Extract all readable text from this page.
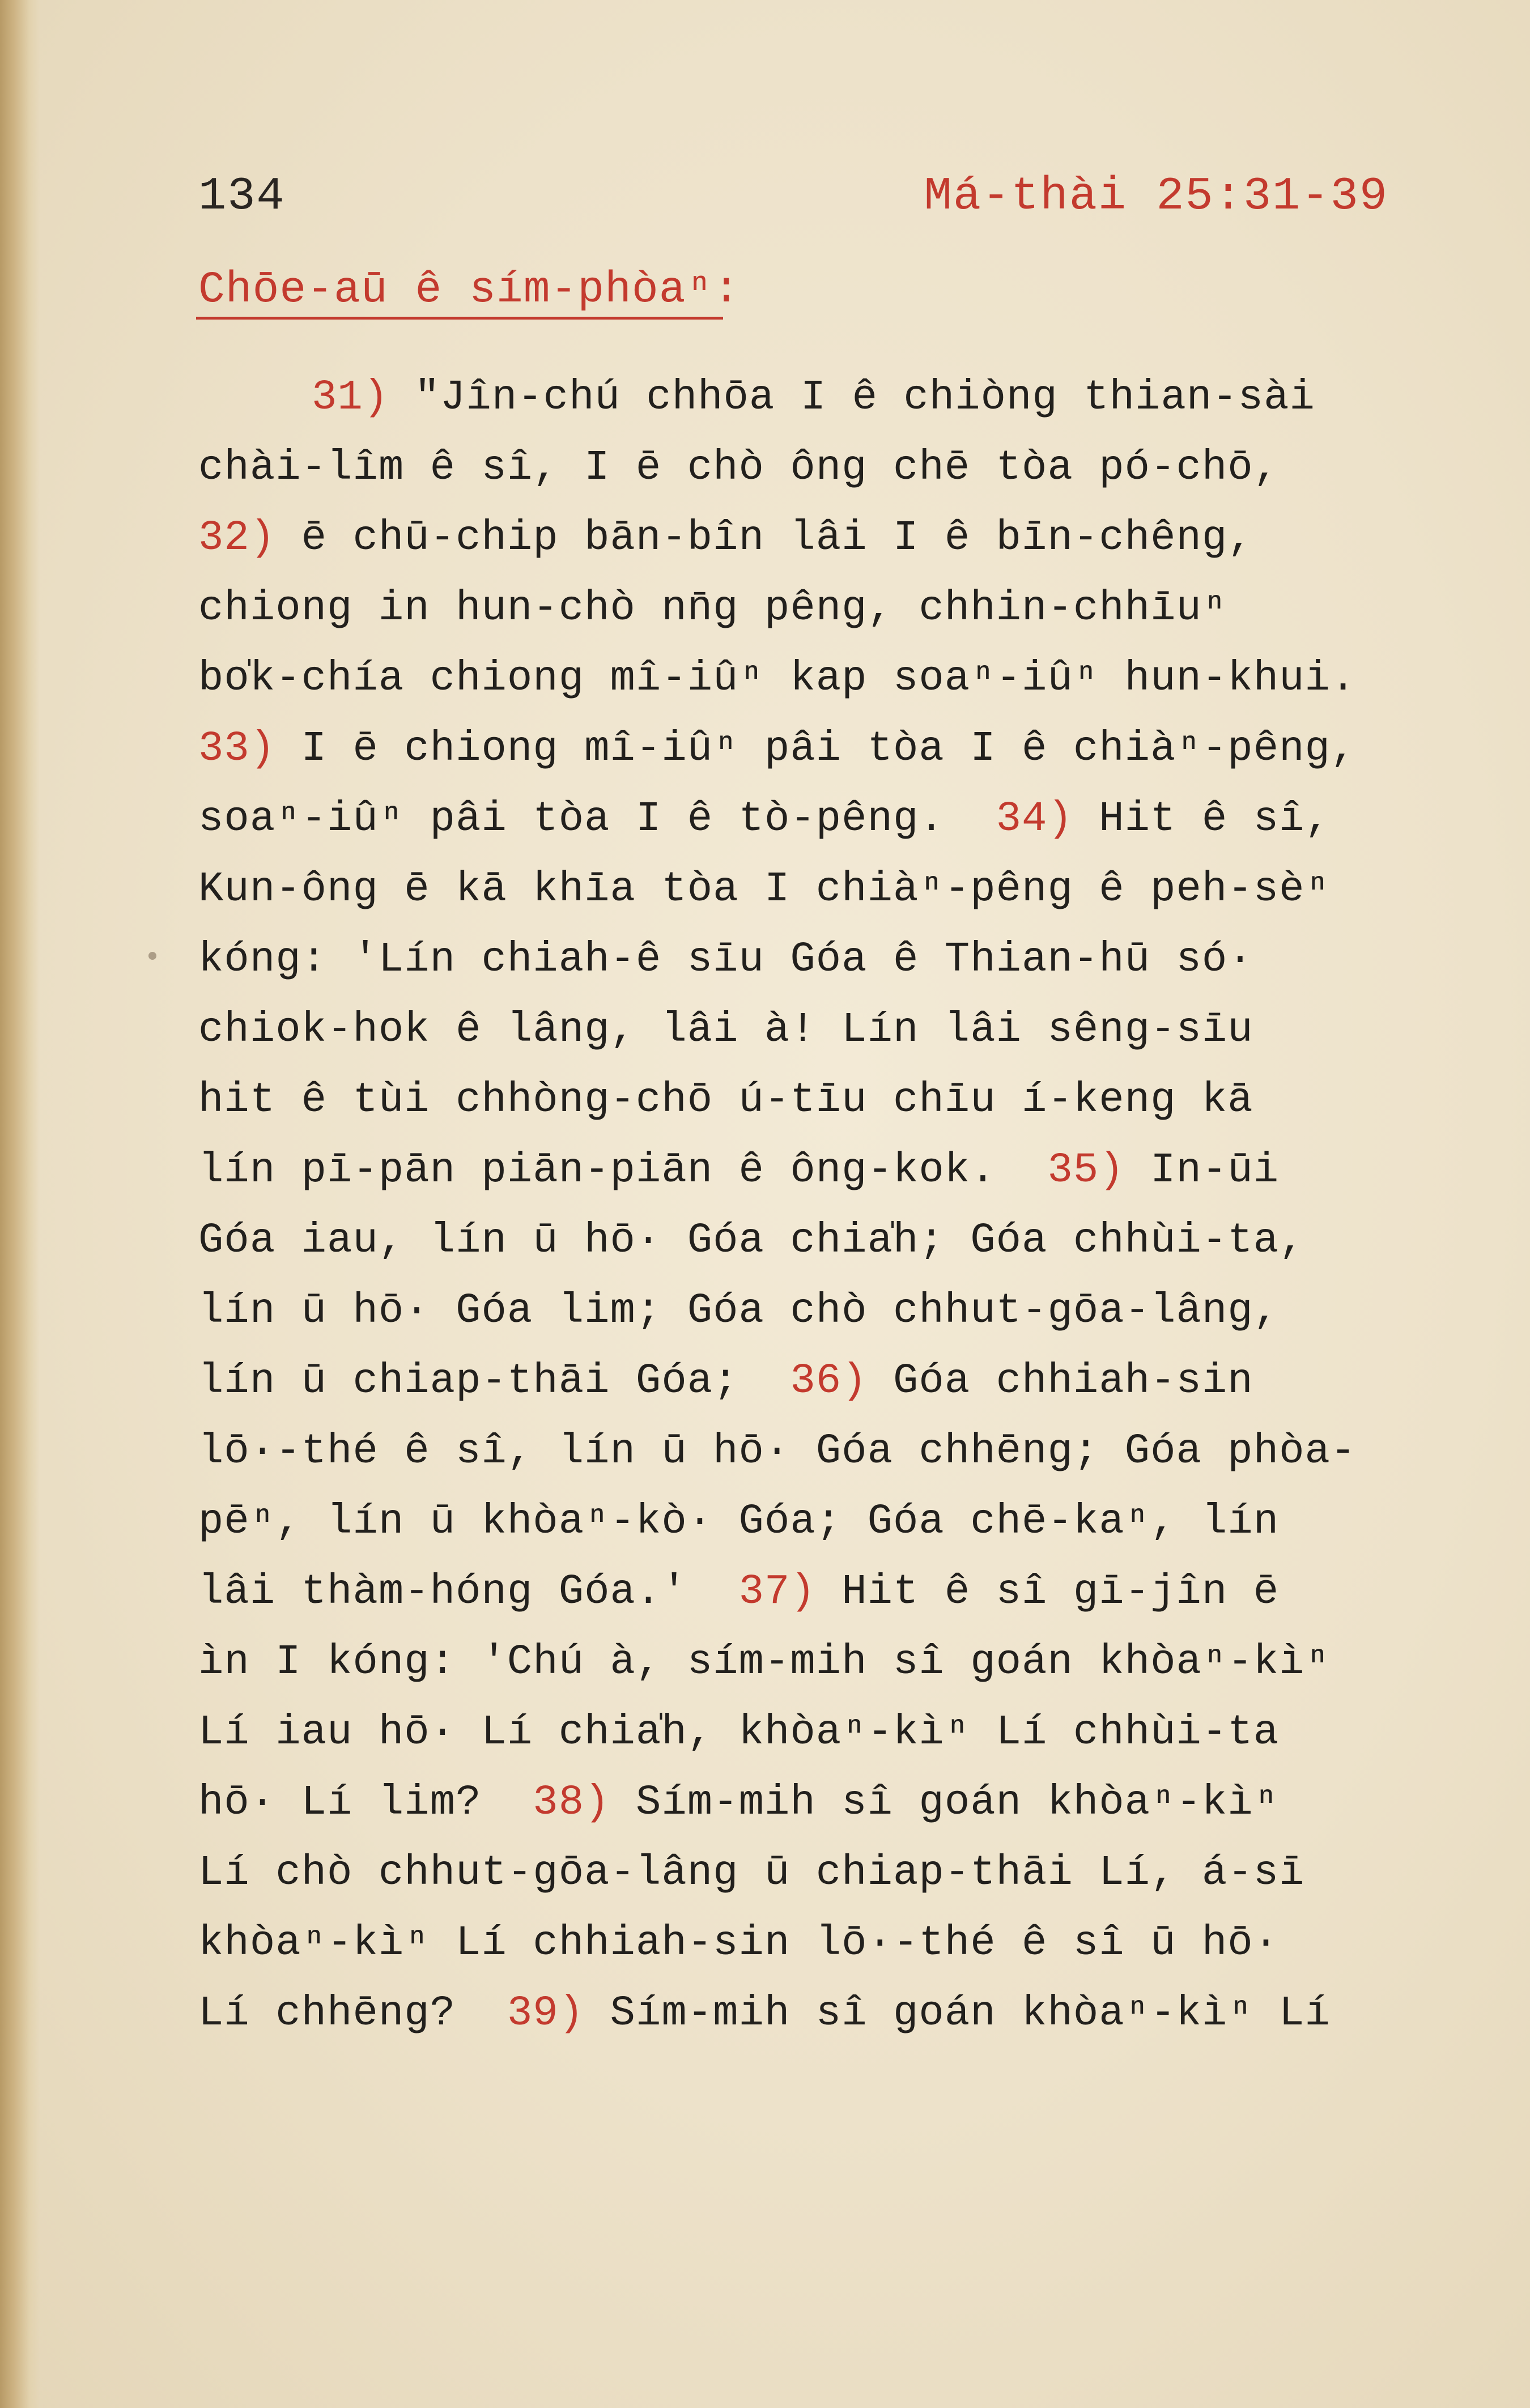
134	Má-thài 25:31-39
Chōe-aū ê sím-phòaⁿ:
31) "Jîn-chú chhōa I ê chiòng thian-sài
chài-lîm ê sî, I ē chò ông chē tòa pó-chō,
32) ē chū-chip bān-bîn lâi I ê bīn-chêng,
chiong in hun-chò nn̄g pêng, chhin-chhīuⁿ
bo̍k-chía chiong mî-iûⁿ kap soaⁿ-iûⁿ hun-khui.
33) I ē chiong mî-iûⁿ pâi tòa I ê chiàⁿ-pêng,
soaⁿ-iûⁿ pâi tòa I ê tò-pêng.  34) Hit ê sî,
Kun-ông ē kā khīa tòa I chiàⁿ-pêng ê peh-sèⁿ
kóng: 'Lín chiah-ê sīu Góa ê Thian-hū só·
chiok-hok ê lâng, lâi à! Lín lâi sêng-sīu
hit ê tùi chhòng-chō ú-tīu chīu í-keng kā
lín pī-pān piān-piān ê ông-kok.  35) In-ūi
Góa iau, lín ū hō· Góa chia̍h; Góa chhùi-ta,
lín ū hō· Góa lim; Góa chò chhut-gōa-lâng,
lín ū chiap-thāi Góa;  36) Góa chhiah-sin
lō·-thé ê sî, lín ū hō· Góa chhēng; Góa phòa-
pēⁿ, lín ū khòaⁿ-kò· Góa; Góa chē-kaⁿ, lín
lâi thàm-hóng Góa.'  37) Hit ê sî gī-jîn ē
ìn I kóng: 'Chú à, sím-mih sî goán khòaⁿ-kìⁿ
Lí iau hō· Lí chia̍h, khòaⁿ-kìⁿ Lí chhùi-ta
hō· Lí lim?  38) Sím-mih sî goán khòaⁿ-kìⁿ
Lí chò chhut-gōa-lâng ū chiap-thāi Lí, á-sī
khòaⁿ-kìⁿ Lí chhiah-sin lō·-thé ê sî ū hō·
Lí chhēng?  39) Sím-mih sî goán khòaⁿ-kìⁿ Lí
